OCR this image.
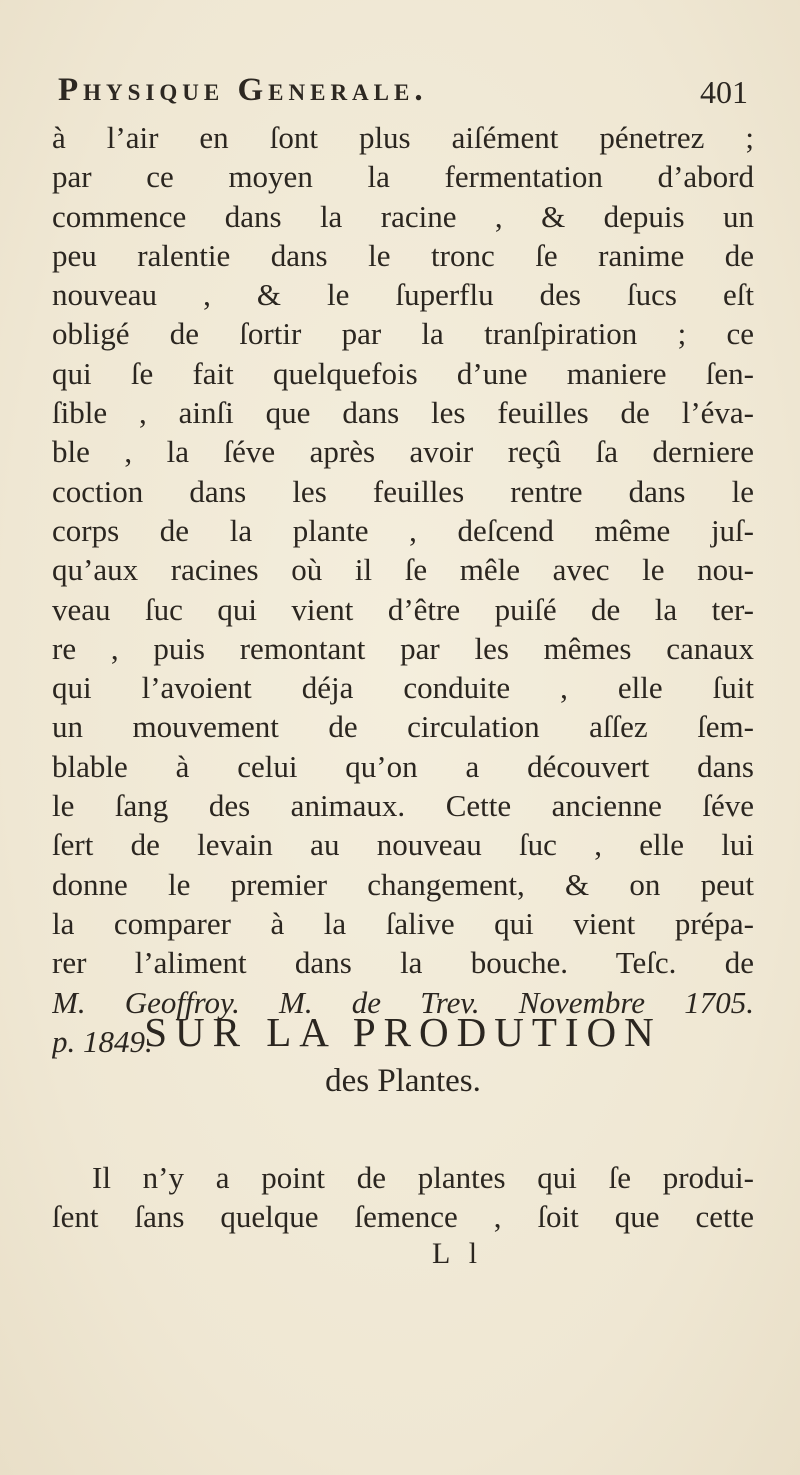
Physique Generale.	401
à l’air en ſont plus aiſément pénetrez ;
par ce moyen la fermentation d’abord
commence dans la racine , & depuis un
peu ralentie dans le tronc ſe ranime de
nouveau , & le ſuperflu des ſucs eſt
obligé de ſortir par la tranſpiration ; ce
qui ſe fait quelquefois d’une maniere ſen-
ſible , ainſi que dans les feuilles de l’éva-
ble , la ſéve après avoir reçû ſa derniere
coction dans les feuilles rentre dans le
corps de la plante , deſcend même juſ-
qu’aux racines où il ſe mêle avec le nou-
veau ſuc qui vient d’être puiſé de la ter-
re , puis remontant par les mêmes canaux
qui l’avoient déja conduite , elle ſuit
un mouvement de circulation aſſez ſem-
blable à celui qu’on a découvert dans
le ſang des animaux. Cette ancienne ſéve
ſert de levain au nouveau ſuc , elle lui
donne le premier changement, & on peut
la comparer à la ſalive qui vient prépa-
rer l’aliment dans la bouche. Teſc. de
M. Geoffroy. M. de Trev. Novembre 1705.
p. 1849.
SUR LA PRODUTION
des Plantes.
Il n’y a point de plantes qui ſe produi-
ſent ſans quelque ſemence , ſoit que cette
L l
